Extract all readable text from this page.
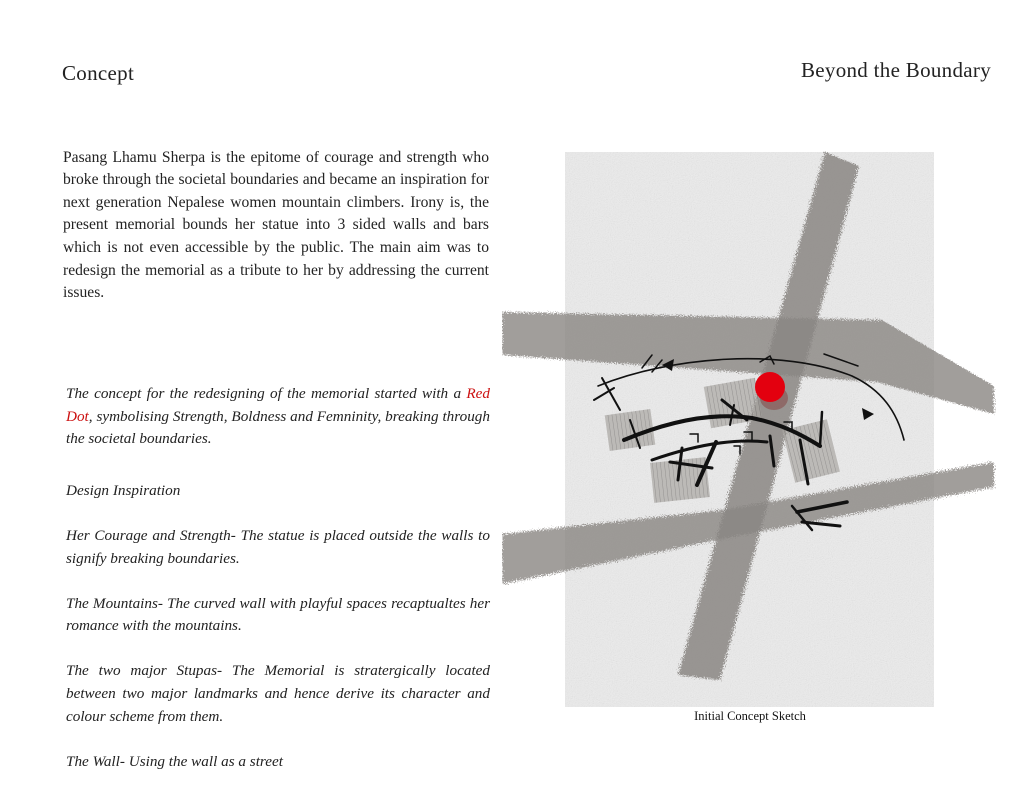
Concept	Beyond the Boundary

Pasang Lhamu Sherpa is the epitome of courage and strength who broke through the societal boundaries and became an inspiration for next generation Nepalese women mountain climbers. Irony is, the present memorial bounds her statue into 3 sided walls and bars which is not even accessible by the public. The main aim was to redesign the memorial as a tribute to her by addressing the current issues.

The concept for the redesigning of the memorial started with a Red Dot, symbolising Strength, Boldness and Femninity, breaking through the societal boundaries.

Design Inspiration
Her Courage and Strength- The statue is placed outside the walls to signify breaking boundaries.
The Mountains- The curved wall with playful spaces recaptualtes her romance with the mountains.
The two major Stupas- The Memorial is stratergically located between two major landmarks and hence derive its character and colour scheme from them.
The Wall- Using the wall as a street
Initial Concept Sketch
